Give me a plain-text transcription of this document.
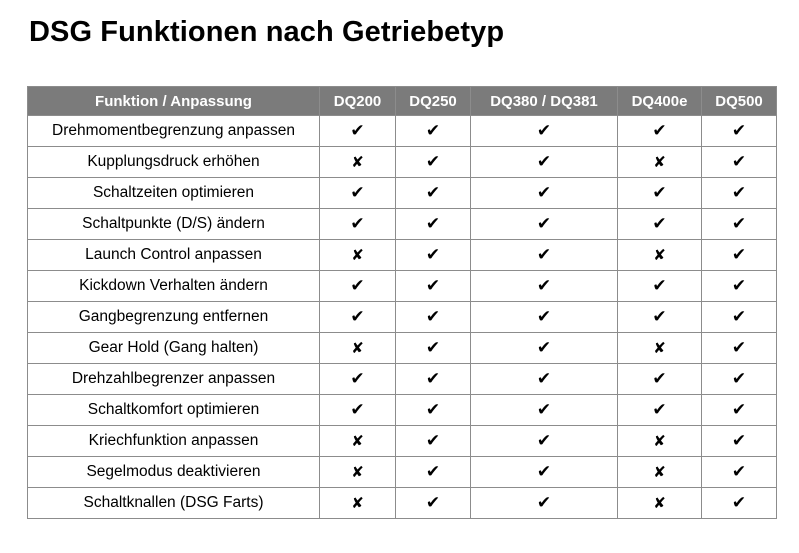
DSG Funktionen nach Getriebetyp
Funktion / Anpassung	DQ200	DQ250	DQ380 / DQ381	DQ400e	DQ500
Drehmomentbegrenzung anpassen	✔	✔	✔	✔	✔
Kupplungsdruck erhöhen	✘	✔	✔	✘	✔
Schaltzeiten optimieren	✔	✔	✔	✔	✔
Schaltpunkte (D/S) ändern	✔	✔	✔	✔	✔
Launch Control anpassen	✘	✔	✔	✘	✔
Kickdown Verhalten ändern	✔	✔	✔	✔	✔
Gangbegrenzung entfernen	✔	✔	✔	✔	✔
Gear Hold (Gang halten)	✘	✔	✔	✘	✔
Drehzahlbegrenzer anpassen	✔	✔	✔	✔	✔
Schaltkomfort optimieren	✔	✔	✔	✔	✔
Kriechfunktion anpassen	✘	✔	✔	✘	✔
Segelmodus deaktivieren	✘	✔	✔	✘	✔
Schaltknallen (DSG Farts)	✘	✔	✔	✘	✔
